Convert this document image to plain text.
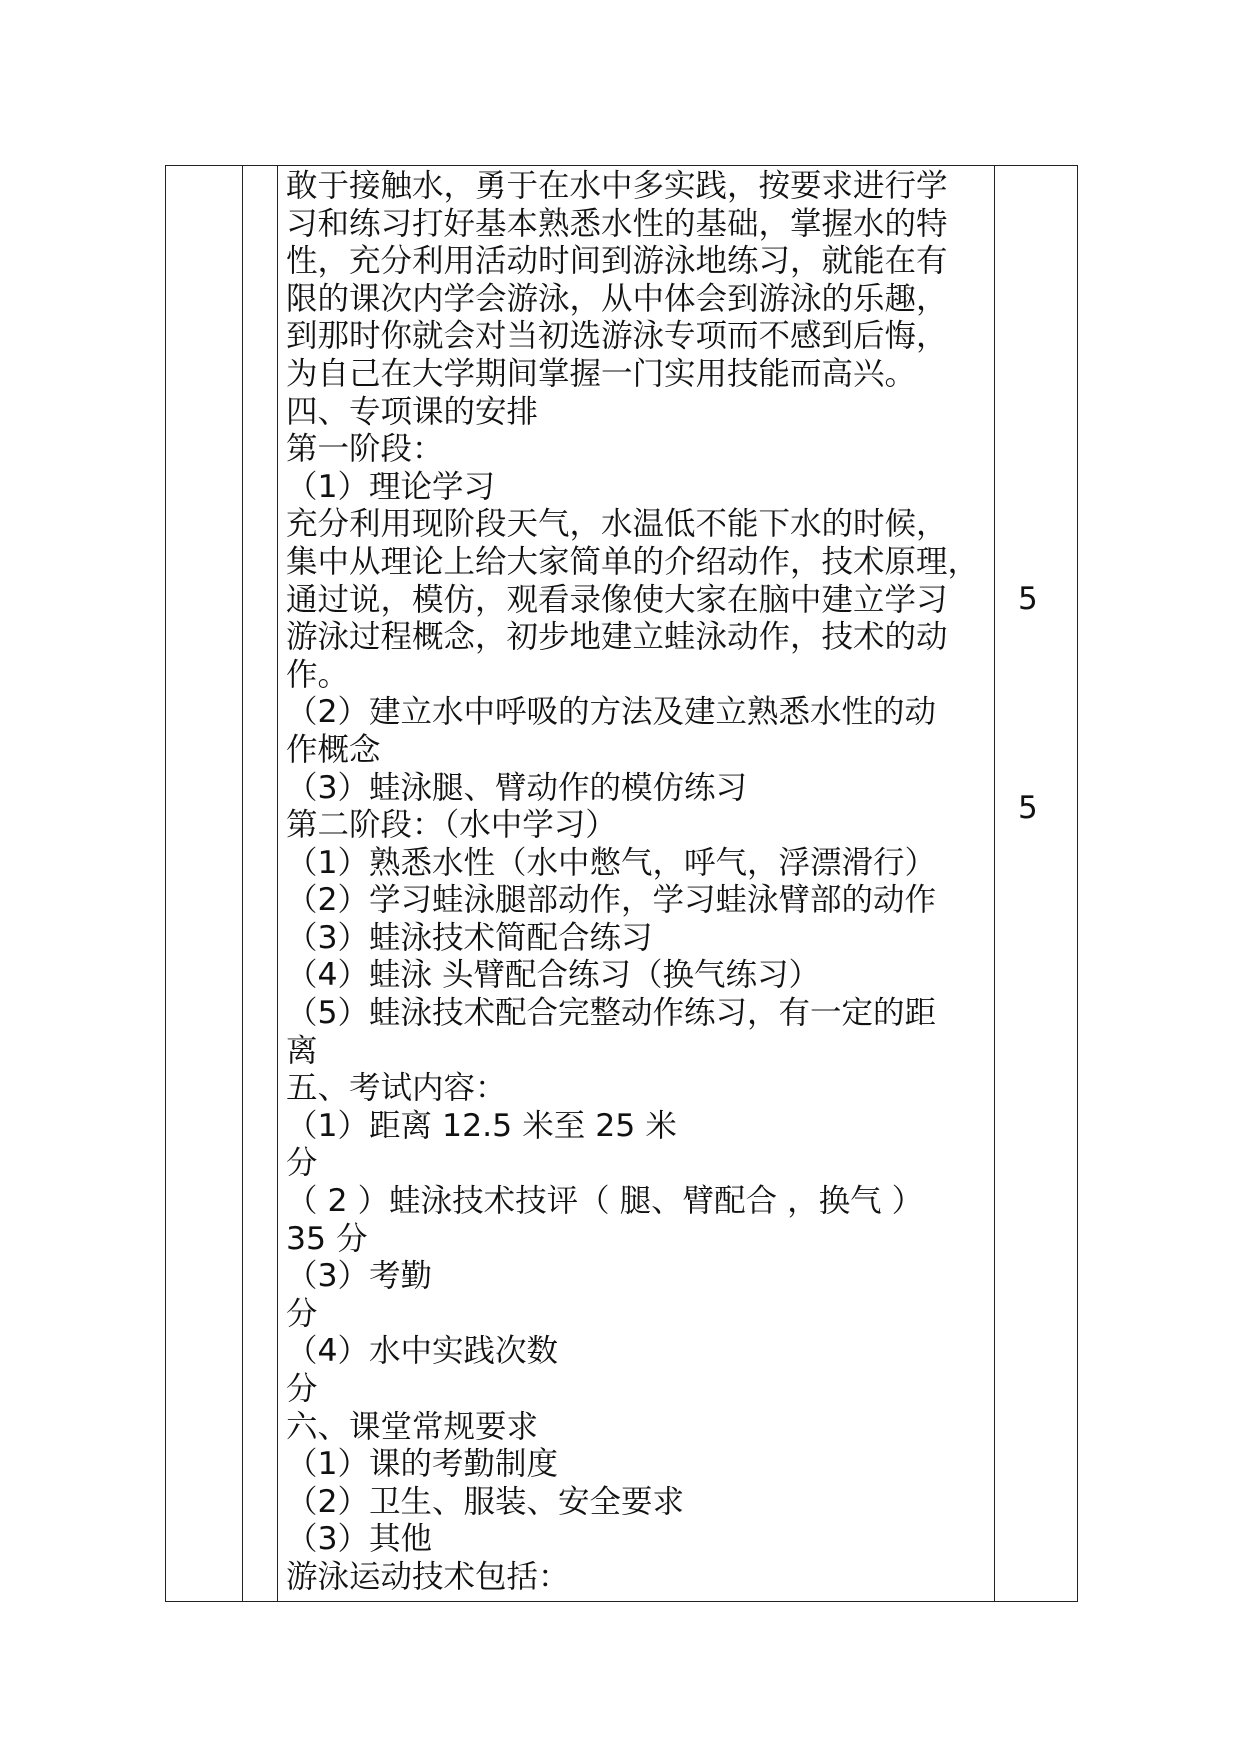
敢于接触水，勇于在水中多实践，按要求进行学
习和练习打好基本熟悉水性的基础，掌握水的特
性，充分利用活动时间到游泳地练习，就能在有
限的课次内学会游泳，从中体会到游泳的乐趣，
到那时你就会对当初选游泳专项而不感到后悔，
为自己在大学期间掌握一门实用技能而高兴。
四、专项课的安排
第一阶段：
（1）理论学习
充分利用现阶段天气，水温低不能下水的时候，
集中从理论上给大家简单的介绍动作，技术原理，
通过说，模仿，观看录像使大家在脑中建立学习
游泳过程概念，初步地建立蛙泳动作，技术的动
作。
（2）建立水中呼吸的方法及建立熟悉水性的动
作概念
（3）蛙泳腿、臂动作的模仿练习
第二阶段：（水中学习）
（1）熟悉水性（水中憋气，呼气，浮漂滑行）
（2）学习蛙泳腿部动作，学习蛙泳臂部的动作
（3）蛙泳技术简配合练习
（4）蛙泳 头臂配合练习（换气练习）
（5）蛙泳技术配合完整动作练习，有一定的距
离
五、考试内容：
（1）距离 12.5 米至 25 米
分
（ 2 ）蛙泳技术技评（ 腿、臂配合 ，换气 ）
35 分
（3）考勤
分
（4）水中实践次数
分
六、课堂常规要求
（1）课的考勤制度
（2）卫生、服装、安全要求
（3）其他
游泳运动技术包括：
5
5
